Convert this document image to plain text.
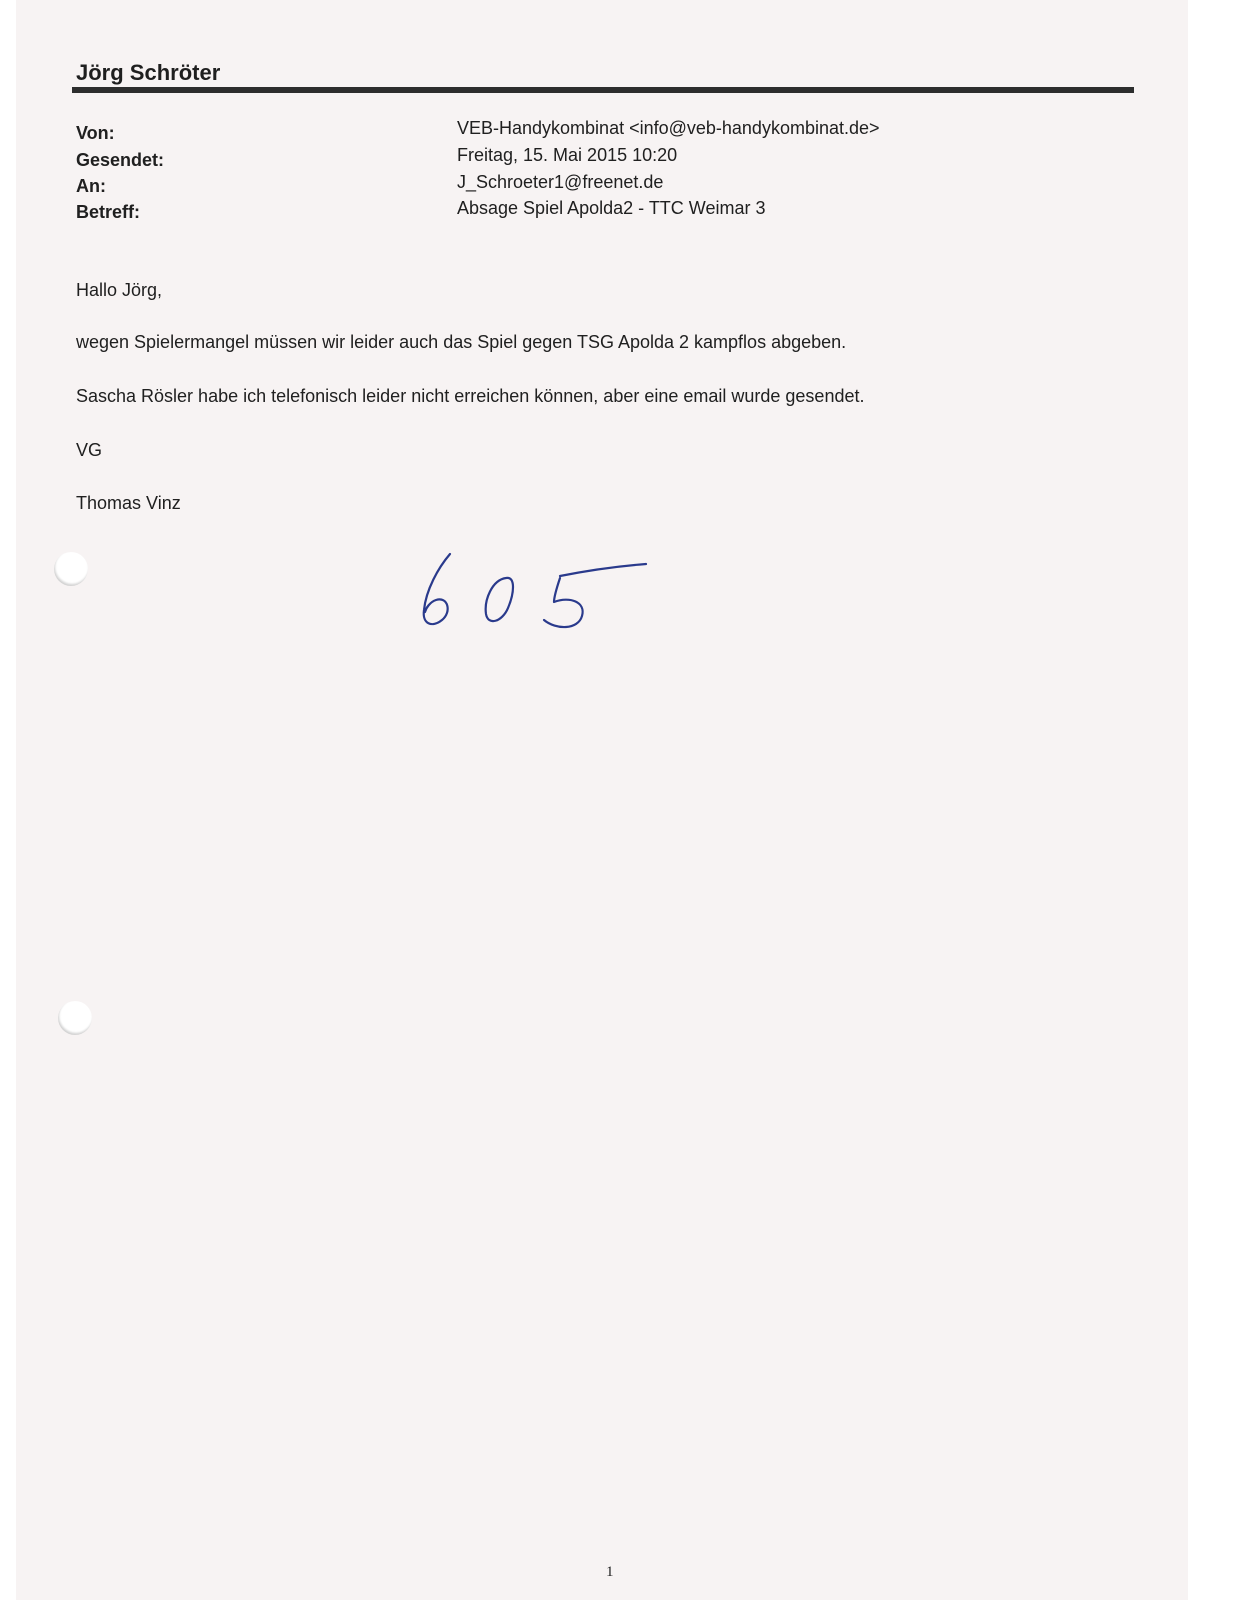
Jörg Schröter
Von:	VEB-Handykombinat <info@veb-handykombinat.de>
Gesendet:	Freitag, 15. Mai 2015 10:20
An:	J_Schroeter1@freenet.de
Betreff:	Absage Spiel Apolda2 - TTC Weimar 3
Hallo Jörg,
wegen Spielermangel müssen wir leider auch das Spiel gegen TSG Apolda 2 kampflos abgeben.
Sascha Rösler habe ich telefonisch leider nicht erreichen können, aber eine email wurde gesendet.
VG
Thomas Vinz
1
